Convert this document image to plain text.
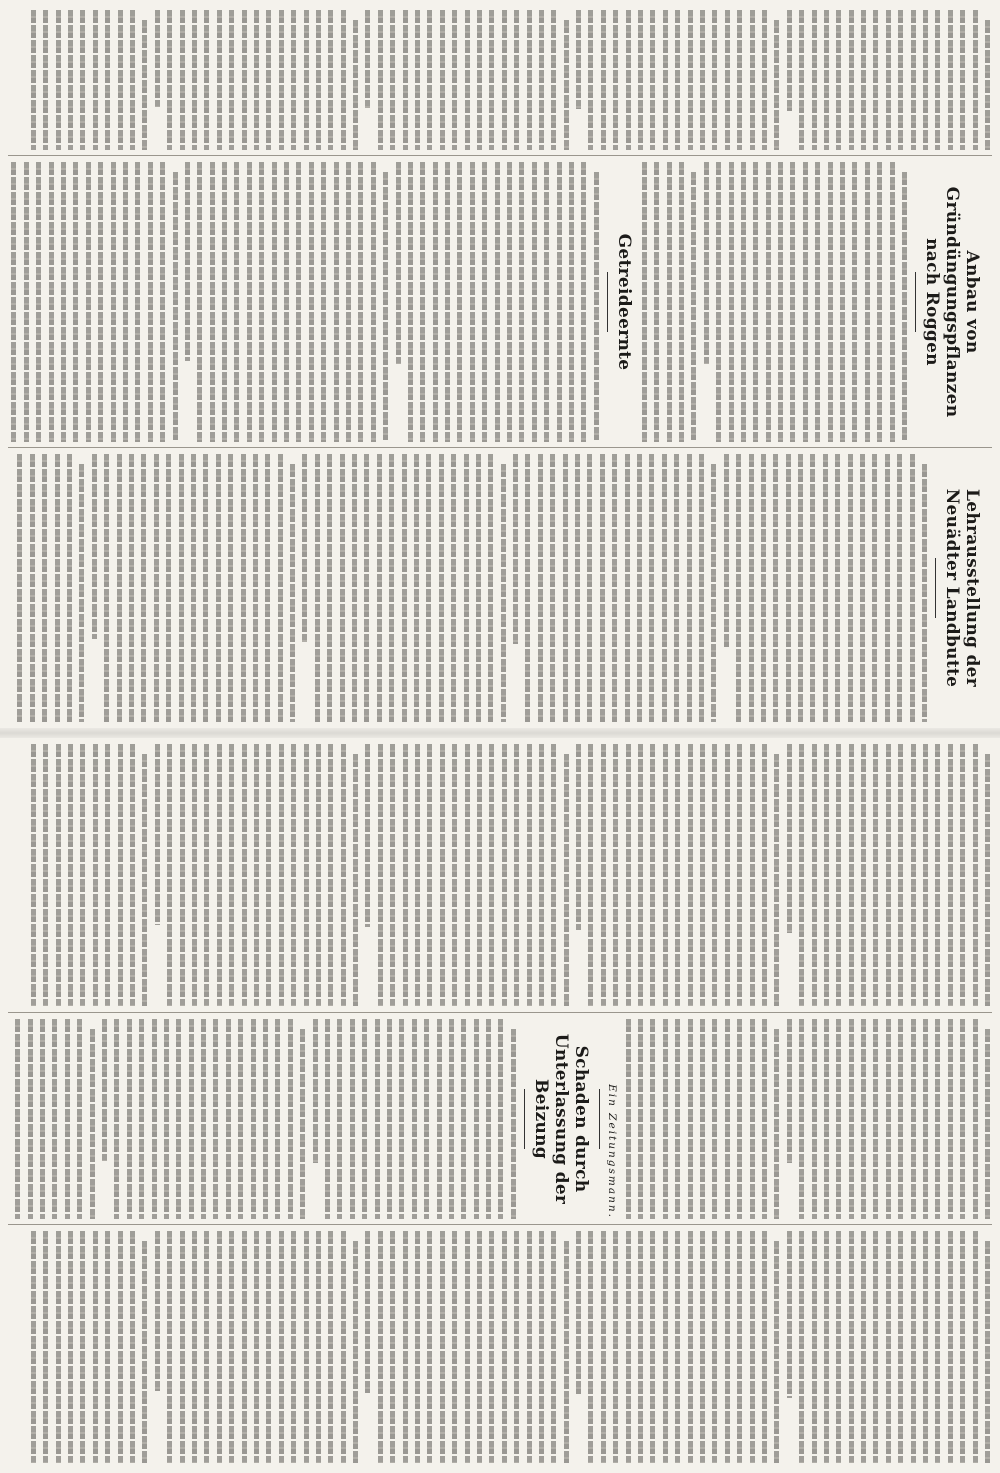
Anbau von Gründüngungspflanzen nach Roggen

Getreideernte

Lehrausstellung der Neuädter Landbutte

Ein Zeitungsmann.
Schaden durch Unterlassung der Beizung
